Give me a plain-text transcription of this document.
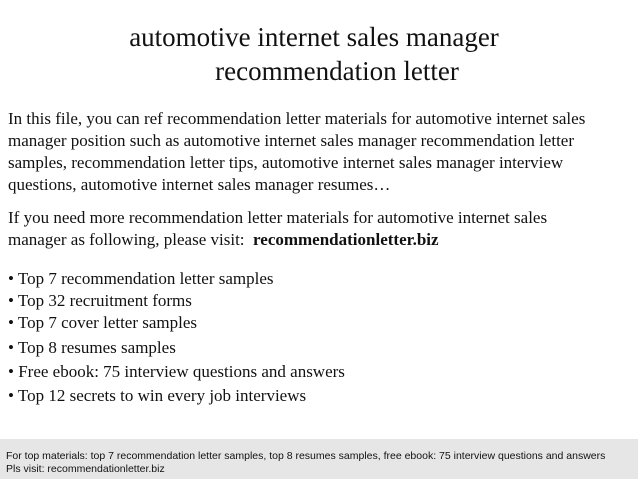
automotive internet sales manager
recommendation letter
In this file, you can ref recommendation letter materials for automotive internet sales
manager position such as automotive internet sales manager recommendation letter
samples, recommendation letter tips, automotive internet sales manager interview
questions, automotive internet sales manager resumes…
If you need more recommendation letter materials for automotive internet sales
manager as following, please visit: recommendationletter.biz
• Top 7 recommendation letter samples
• Top 32 recruitment forms
• Top 7 cover letter samples
• Top 8 resumes samples
• Free ebook: 75 interview questions and answers
• Top 12 secrets to win every job interviews
For top materials: top 7 recommendation letter samples, top 8 resumes samples, free ebook: 75 interview questions and answers
Pls visit: recommendationletter.biz
